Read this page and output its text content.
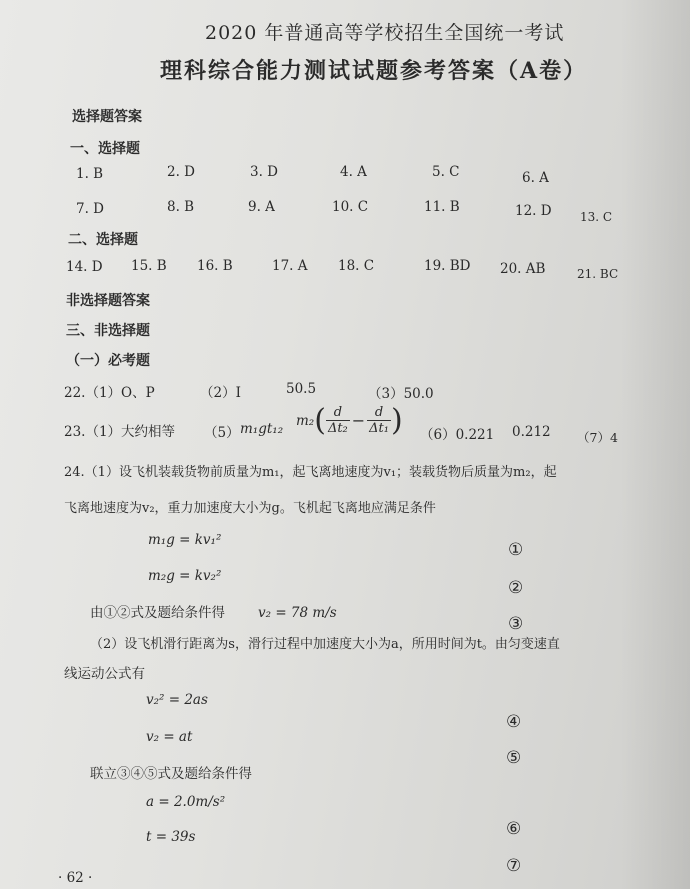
2020 年普通高等学校招生全国统一考试
理科综合能力测试试题参考答案（A卷）
选择题答案
一、选择题
1. B	2. D	3. D	4. A	5. C	6. A
7. D	8. B	9. A	10. C	11. B	12. D 13. C
二、选择题
14. D 15. B 16. B	17. A 18. C	19. BD 20. AB	21. BC
非选择题答案
三、非选择题
（一）必考题
22.（1）O、P	（2）I	50.5	（3）50.0
23.（1）大约相等 （5） m₁gt₁₂ $m_2( \frac{d}{\text{Δt₂}} - \frac{d}{\text{Δt₁}}$ ) （6）0.221 0.212 （7）4
24.（1）设飞机装载货物前质量为m₁，起飞离地速度为v₁；装载货物后质量为m₂，起
飞离地速度为v₂，重力加速度大小为g。飞机起飞离地应满足条件
m₁g = kv₁²	①
m₂g = kv₂²
②
由①②式及题给条件得 v₂ = 78 m/s
③
（2）设飞机滑行距离为s，滑行过程中加速度大小为a，所用时间为t。由匀变速直
线运动公式有
v₂² = 2as
④
v₂ = at
⑤
联立③④⑤式及题给条件得
a = 2.0m/s²
⑥
t = 39s
⑦
· 62 ·
